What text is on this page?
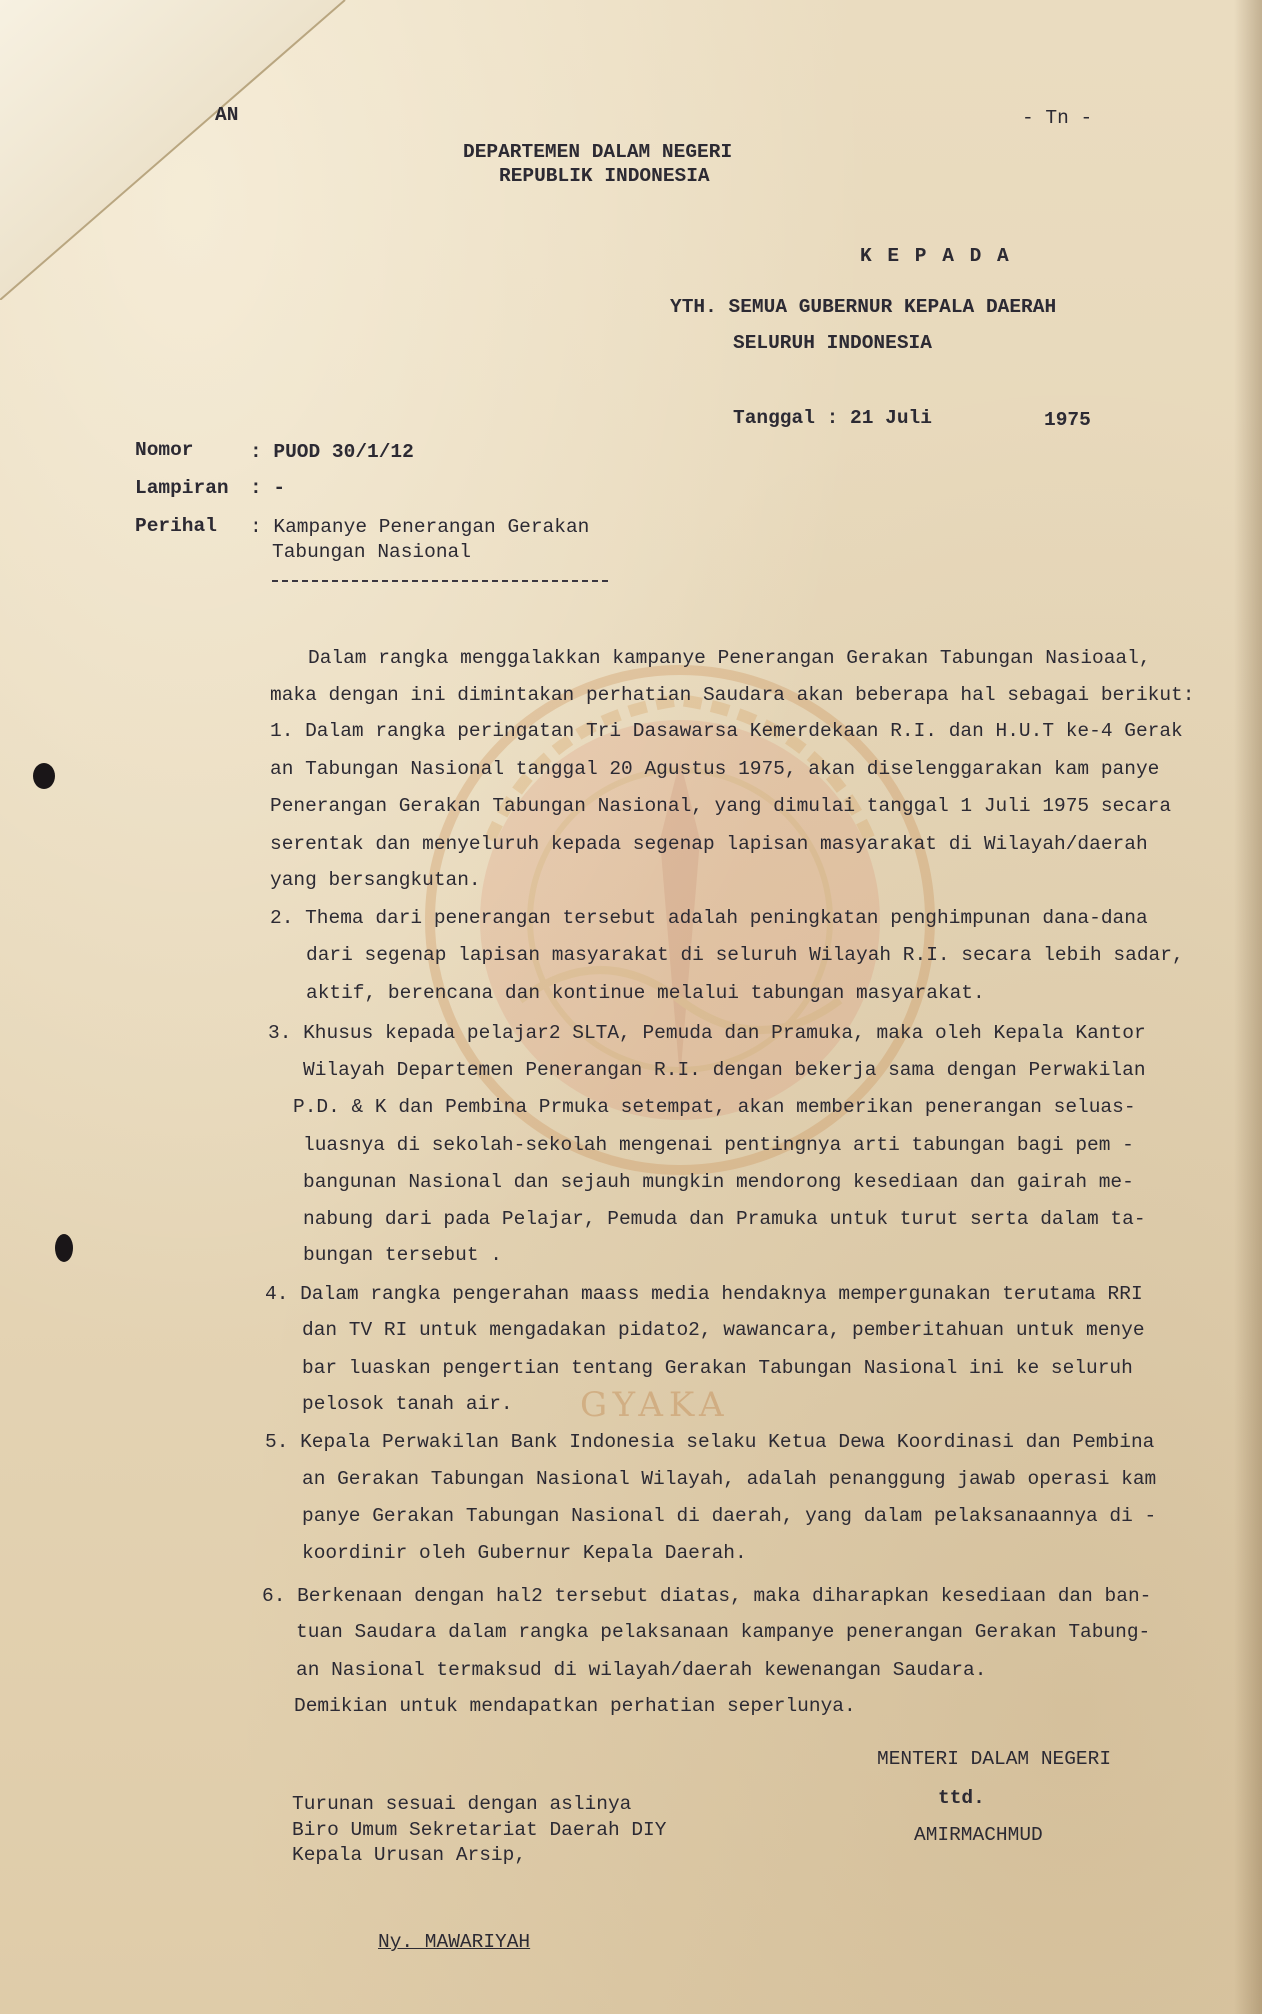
GYAKA
AN	- Tn -
DEPARTEMEN DALAM NEGERI
REPUBLIK INDONESIA
K E P A D A
YTH. SEMUA GUBERNUR KEPALA DAERAH
SELURUH INDONESIA
Tanggal : 21 Juli	1975
Nomor	: PUOD 30/1/12
Lampiran : -
Perihal : Kampanye Penerangan Gerakan
Tabungan Nasional
Dalam rangka menggalakkan kampanye Penerangan Gerakan Tabungan Nasioaal,
maka dengan ini dimintakan perhatian Saudara akan beberapa hal sebagai berikut:
1. Dalam rangka peringatan Tri Dasawarsa Kemerdekaan R.I. dan H.U.T ke-4 Gerak
an Tabungan Nasional tanggal 20 Agustus 1975, akan diselenggarakan kam panye
Penerangan Gerakan Tabungan Nasional, yang dimulai tanggal 1 Juli 1975 secara
serentak dan menyeluruh kepada segenap lapisan masyarakat di Wilayah/daerah
yang bersangkutan.
2. Thema dari penerangan tersebut adalah peningkatan penghimpunan dana-dana
dari segenap lapisan masyarakat di seluruh Wilayah R.I. secara lebih sadar,
aktif, berencana dan kontinue melalui tabungan masyarakat.
3. Khusus kepada pelajar2 SLTA, Pemuda dan Pramuka, maka oleh Kepala Kantor
Wilayah Departemen Penerangan R.I. dengan bekerja sama dengan Perwakilan
P.D. & K dan Pembina Prmuka setempat, akan memberikan penerangan seluas-
luasnya di sekolah-sekolah mengenai pentingnya arti tabungan bagi pem -
bangunan Nasional dan sejauh mungkin mendorong kesediaan dan gairah me-
nabung dari pada Pelajar, Pemuda dan Pramuka untuk turut serta dalam ta-
bungan tersebut .
4. Dalam rangka pengerahan maass media hendaknya mempergunakan terutama RRI
dan TV RI untuk mengadakan pidato2, wawancara, pemberitahuan untuk menye
bar luaskan pengertian tentang Gerakan Tabungan Nasional ini ke seluruh
pelosok tanah air.
5. Kepala Perwakilan Bank Indonesia selaku Ketua Dewa Koordinasi dan Pembina
an Gerakan Tabungan Nasional Wilayah, adalah penanggung jawab operasi kam
panye Gerakan Tabungan Nasional di daerah, yang dalam pelaksanaannya di -
koordinir oleh Gubernur Kepala Daerah.
6. Berkenaan dengan hal2 tersebut diatas, maka diharapkan kesediaan dan ban-
tuan Saudara dalam rangka pelaksanaan kampanye penerangan Gerakan Tabung-
an Nasional termaksud di wilayah/daerah kewenangan Saudara.
Demikian untuk mendapatkan perhatian seperlunya.
MENTERI DALAM NEGERI
ttd.
AMIRMACHMUD
Turunan sesuai dengan aslinya
Biro Umum Sekretariat Daerah DIY
Kepala Urusan Arsip,
Ny. MAWARIYAH
